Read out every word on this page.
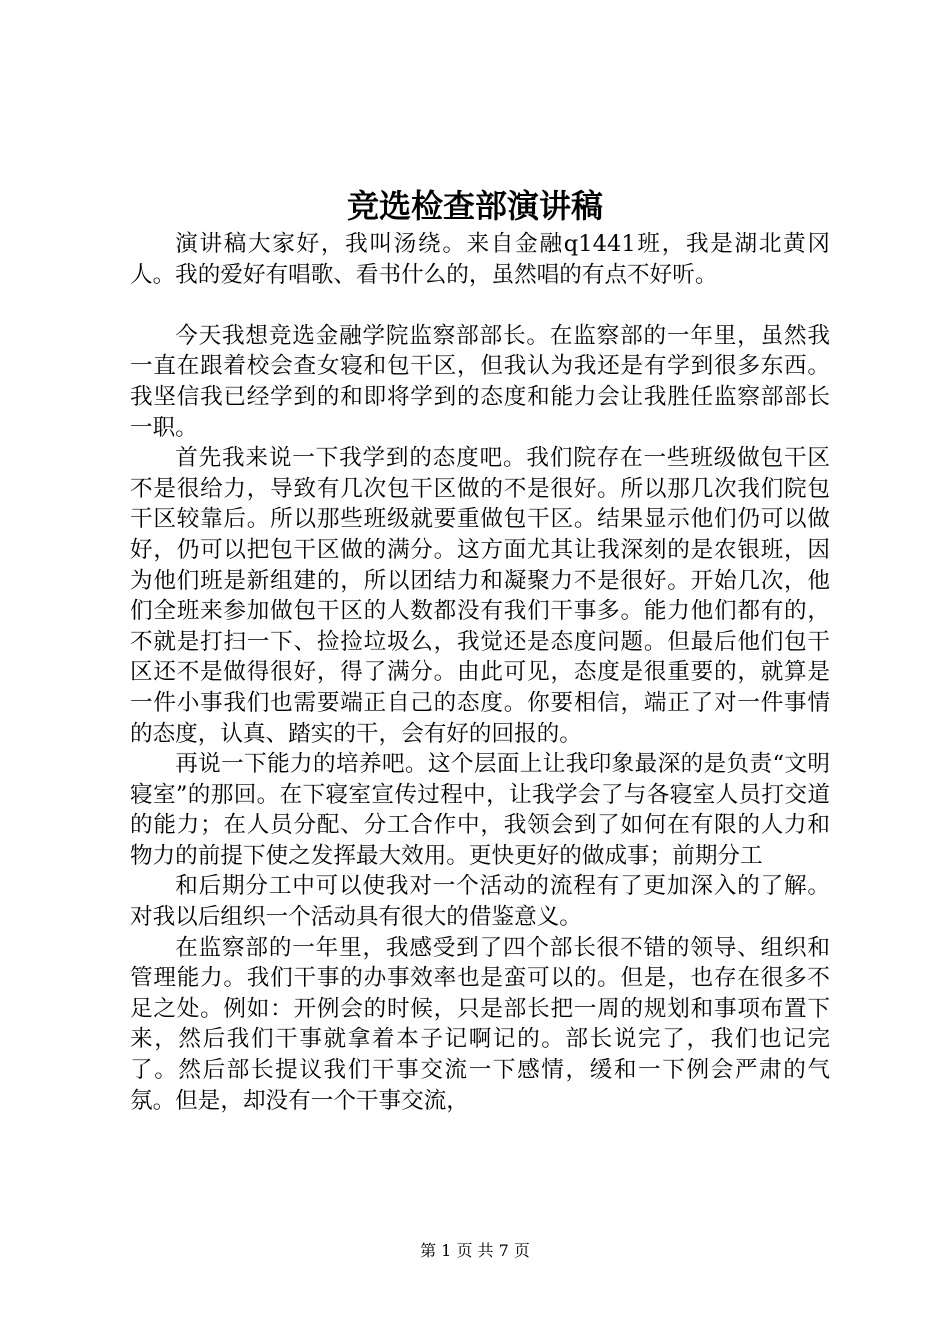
竞选检查部演讲稿

演讲稿大家好，我叫汤绕。来自金融q1441班，我是湖北黄冈人。我的爱好有唱歌、看书什么的，虽然唱的有点不好听。

今天我想竞选金融学院监察部部长。在监察部的一年里，虽然我一直在跟着校会查女寝和包干区，但我认为我还是有学到很多东西。我坚信我已经学到的和即将学到的态度和能力会让我胜任监察部部长一职。

首先我来说一下我学到的态度吧。我们院存在一些班级做包干区不是很给力，导致有几次包干区做的不是很好。所以那几次我们院包干区较靠后。所以那些班级就要重做包干区。结果显示他们仍可以做好，仍可以把包干区做的满分。这方面尤其让我深刻的是农银班，因为他们班是新组建的，所以团结力和凝聚力不是很好。开始几次，他们全班来参加做包干区的人数都没有我们干事多。能力他们都有的，不就是打扫一下、捡捡垃圾么，我觉还是态度问题。但最后他们包干区还不是做得很好，得了满分。由此可见，态度是很重要的，就算是一件小事我们也需要端正自己的态度。你要相信，端正了对一件事情的态度，认真、踏实的干，会有好的回报的。

再说一下能力的培养吧。这个层面上让我印象最深的是负责“文明寝室”的那回。在下寝室宣传过程中，让我学会了与各寝室人员打交道的能力；在人员分配、分工合作中，我领会到了如何在有限的人力和物力的前提下使之发挥最大效用。更快更好的做成事；前期分工

和后期分工中可以使我对一个活动的流程有了更加深入的了解。对我以后组织一个活动具有很大的借鉴意义。

在监察部的一年里，我感受到了四个部长很不错的领导、组织和管理能力。我们干事的办事效率也是蛮可以的。但是，也存在很多不足之处。例如：开例会的时候，只是部长把一周的规划和事项布置下来，然后我们干事就拿着本子记啊记的。部长说完了，我们也记完了。然后部长提议我们干事交流一下感情，缓和一下例会严肃的气氛。但是，却没有一个干事交流，

第 1 页 共 7 页
